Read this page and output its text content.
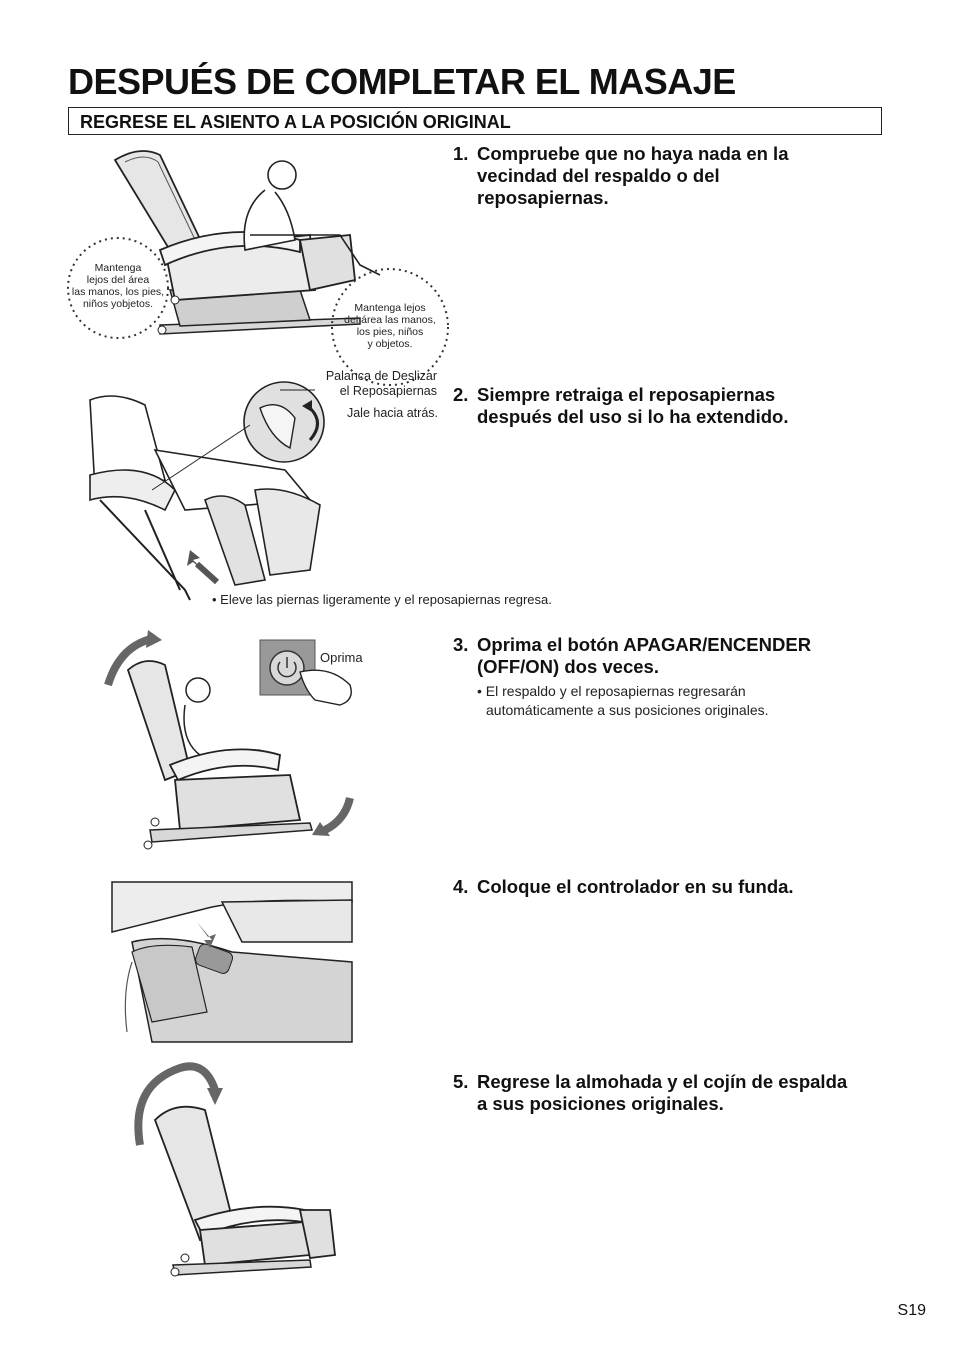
DESPUÉS DE COMPLETAR EL MASAJE
REGRESE EL ASIENTO A LA POSICIÓN ORIGINAL
1. Compruebe que no haya nada en la
vecindad del respaldo o del
reposapiernas.
2. Siempre retraiga el reposapiernas
después del uso si lo ha extendido.
3. Oprima el botón APAGAR/ENCENDER
(OFF/ON) dos veces.
• El respaldo y el reposapiernas regresarán
automáticamente a sus posiciones originales.
4. Coloque el controlador en su funda.
5. Regrese la almohada y el cojín de espalda
a sus posiciones originales.
Mantenga
lejos del área
las manos, los pies,
niños yobjetos.	Mantenga lejos
del área las manos,
los pies, niños
y objetos.
Palanca de Deslizar
el Reposapiernas
Jale hacia atrás.
• Eleve las piernas ligeramente y el reposapiernas regresa.
Oprima
S19
